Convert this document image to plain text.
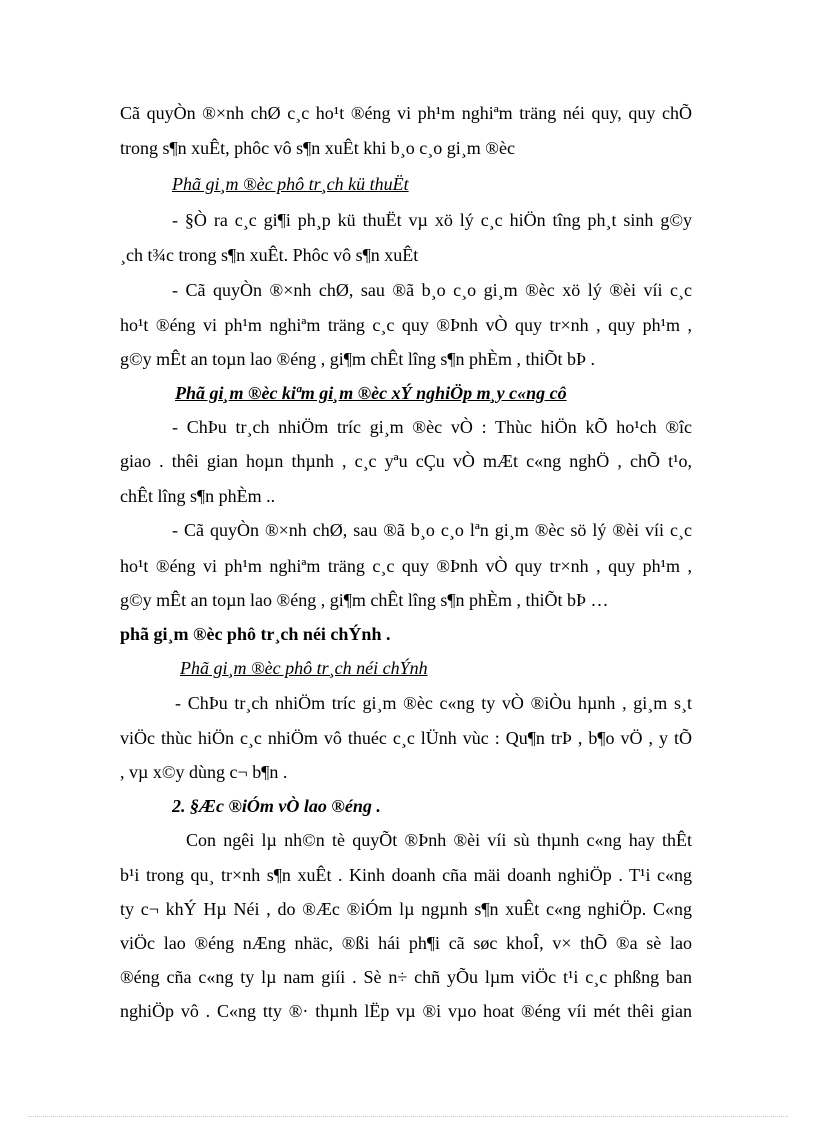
Cã quyÒn ®×nh chØ c¸c ho¹t ®éng vi ph¹m nghiªm träng néi quy, quy chÕ
trong s¶n xuÊt, phôc vô s¶n xuÊt khi b¸o c¸o gi¸m ®èc
Phã gi¸m ®èc phô tr¸ch kü thuËt
- §Ò ra c¸c gi¶i ph¸p kü thuËt vµ xö lý c¸c hiÖn tîng ph¸t sinh g©y
¸ch t¾c trong s¶n xuÊt. Phôc vô s¶n xuÊt
- Cã quyÒn ®×nh chØ, sau ®ã b¸o c¸o gi¸m ®èc xö lý ®èi víi c¸c
ho¹t ®éng vi ph¹m nghiªm träng c¸c quy ®Þnh vÒ quy tr×nh , quy ph¹m ,
g©y mÊt an toµn lao ®éng , gi¶m chÊt lîng s¶n phÈm , thiÕt bÞ .
Phã gi¸m ®èc kiªm gi¸m ®èc xÝ nghiÖp m¸y c«ng cô
- ChÞu tr¸ch nhiÖm tríc gi¸m ®èc vÒ : Thùc hiÖn kÕ ho¹ch ®îc
giao . thêi gian hoµn thµnh , c¸c yªu cÇu vÒ mÆt c«ng nghÖ , chÕ t¹o,
chÊt lîng s¶n phÈm ..
- Cã quyÒn ®×nh chØ, sau ®ã b¸o c¸o lªn gi¸m ®èc sö lý ®èi víi c¸c
ho¹t ®éng vi ph¹m nghiªm träng c¸c quy ®Þnh vÒ quy tr×nh , quy ph¹m ,
g©y mÊt an toµn lao ®éng , gi¶m chÊt lîng s¶n phÈm , thiÕt bÞ …
phã gi¸m ®èc phô tr¸ch néi chÝnh .
Phã gi¸m ®èc phô tr¸ch néi chÝnh
- ChÞu tr¸ch nhiÖm tríc gi¸m ®èc c«ng ty vÒ ®iÒu hµnh , gi¸m s¸t
viÖc thùc hiÖn c¸c nhiÖm vô thuéc c¸c lÜnh vùc : Qu¶n trÞ , b¶o vÖ , y tÕ
, vµ x©y dùng c¬ b¶n .
2. §Æc ®iÓm vÒ lao ®éng .
Con ngêi lµ nh©n tè quyÕt ®Þnh ®èi víi sù thµnh c«ng hay thÊt
b¹i trong qu¸ tr×nh s¶n xuÊt . Kinh doanh cña mäi doanh nghiÖp . T¹i c«ng
ty c¬ khÝ Hµ Néi , do ®Æc ®iÓm lµ ngµnh s¶n xuÊt c«ng nghiÖp. C«ng
viÖc lao ®éng nÆng nhäc, ®ßi hái ph¶i cã søc khoÎ, v× thÕ ®a sè lao
®éng cña c«ng ty lµ nam giíi . Sè n÷ chñ yÕu lµm viÖc t¹i c¸c phßng ban
nghiÖp vô . C«ng tty ®· thµnh lËp vµ ®i vµo hoat ®éng víi mét thêi gian
